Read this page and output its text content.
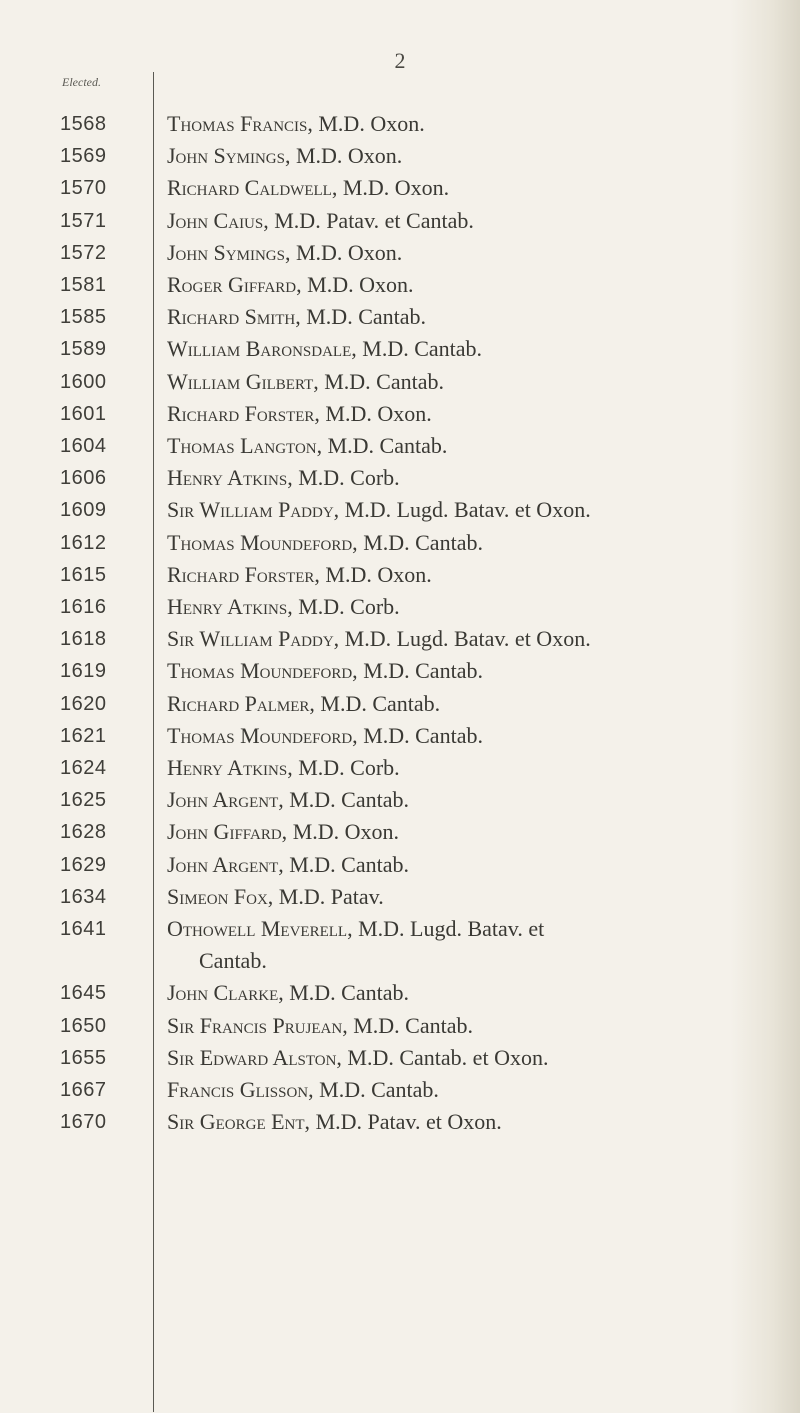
2
Elected.
1568	Thomas Francis, M.D. Oxon.
1569	John Symings, M.D. Oxon.
1570	Richard Caldwell, M.D. Oxon.
1571	John Caius, M.D. Patav. et Cantab.
1572	John Symings, M.D. Oxon.
1581	Roger Giffard, M.D. Oxon.
1585	Richard Smith, M.D. Cantab.
1589	William Baronsdale, M.D. Cantab.
1600	William Gilbert, M.D. Cantab.
1601	Richard Forster, M.D. Oxon.
1604	Thomas Langton, M.D. Cantab.
1606	Henry Atkins, M.D. Corb.
1609	Sir William Paddy, M.D. Lugd. Batav. et Oxon.
1612	Thomas Moundeford, M.D. Cantab.
1615	Richard Forster, M.D. Oxon.
1616	Henry Atkins, M.D. Corb.
1618	Sir William Paddy, M.D. Lugd. Batav. et Oxon.
1619	Thomas Moundeford, M.D. Cantab.
1620	Richard Palmer, M.D. Cantab.
1621	Thomas Moundeford, M.D. Cantab.
1624	Henry Atkins, M.D. Corb.
1625	John Argent, M.D. Cantab.
1628	John Giffard, M.D. Oxon.
1629	John Argent, M.D. Cantab.
1634	Simeon Fox, M.D. Patav.
1641	Othowell Meverell, M.D. Lugd. Batav. et
Cantab.
1645	John Clarke, M.D. Cantab.
1650	Sir Francis Prujean, M.D. Cantab.
1655	Sir Edward Alston, M.D. Cantab. et Oxon.
1667	Francis Glisson, M.D. Cantab.
1670	Sir George Ent, M.D. Patav. et Oxon.
